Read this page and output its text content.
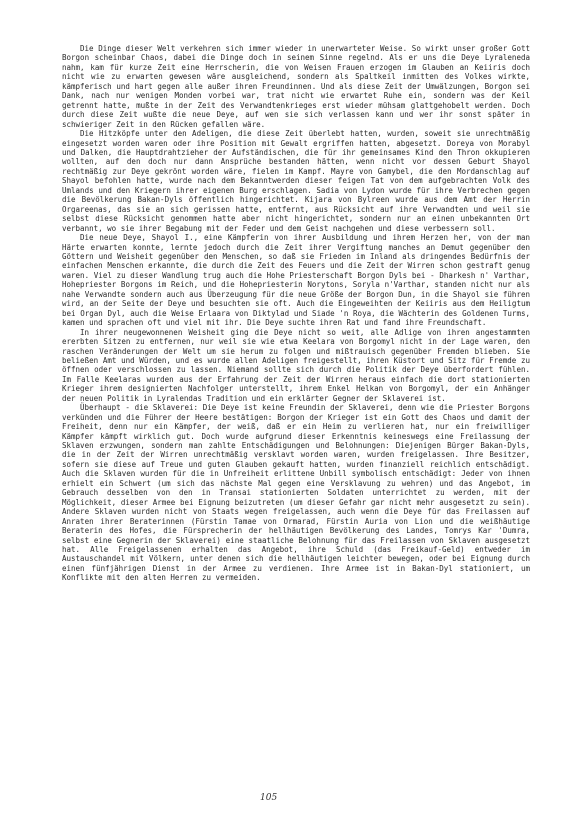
Die Dinge dieser Welt verkehren sich immer wieder in unerwarteter Weise. So wirkt unser großer Gott Borgon scheinbar Chaos, dabei die Dinge doch in seinem Sinne regelnd. Als er uns die Deye Lyraleneda nahm, kam für kurze Zeit eine Herrscherin, die von Weisen Frauen erzogen im Glauben an Keiiris doch nicht wie zu erwarten gewesen wäre ausgleichend, sondern als Spaltkeil inmitten des Volkes wirkte, kämpferisch und hart gegen alle außer ihren Freundinnen. Und als diese Zeit der Umwälzungen, Borgon sei Dank, nach nur wenigen Monden vorbei war, trat nicht wie erwartet Ruhe ein, sondern was der Keil getrennt hatte, mußte in der Zeit des Verwandtenkrieges erst wieder mühsam glattgehobelt werden. Doch durch diese Zeit wußte die neue Deye, auf wen sie sich verlassen kann und wer ihr sonst später in schwieriger Zeit in den Rücken gefallen wäre.

Die Hitzköpfe unter den Adeligen, die diese Zeit überlebt hatten, wurden, soweit sie unrechtmäßig eingesetzt worden waren oder ihre Position mit Gewalt ergriffen hatten, abgesetzt. Doreya von Morabyl und Dalken, die Hauptdrahtzieher der Aufständischen, die für ihr gemeinsames Kind den Thron okkupieren wollten, auf den doch nur dann Ansprüche bestanden hätten, wenn nicht vor dessen Geburt Shayol rechtmäßig zur Deye gekrönt worden wäre, fielen im Kampf. Mayre von Gamybel, die den Mordanschlag auf Shayol befohlen hatte, wurde nach dem Bekanntwerden dieser feigen Tat von dem aufgebrachten Volk des Umlands und den Kriegern ihrer eigenen Burg erschlagen. Sadia von Lydon wurde für ihre Verbrechen gegen die Bevölkerung Bakan-Dyls öffentlich hingerichtet. Kijara von Bylreen wurde aus dem Amt der Herrin Orgareenas, das sie an sich gerissen hatte, entfernt, aus Rücksicht auf ihre Verwandten und weil sie selbst diese Rücksicht genommen hatte aber nicht hingerichtet, sondern nur an einen unbekannten Ort verbannt, wo sie ihrer Begabung mit der Feder und dem Geist nachgehen und diese verbessern soll.

Die neue Deye, Shayol I., eine Kämpferin von ihrer Ausbildung und ihrem Herzen her, von der man Härte erwarten konnte, lernte jedoch durch die Zeit ihrer Vergiftung manches an Demut gegenüber den Göttern und Weisheit gegenüber den Menschen, so daß sie Frieden im Inland als dringendes Bedürfnis der einfachen Menschen erkannte, die durch die Zeit des Feuers und die Zeit der Wirren schon gestraft genug waren. Viel zu dieser Wandlung trug auch die Hohe Priesterschaft Borgon Dyls bei - Dharkesh n' Varthar, Hohepriester Borgons im Reich, und die Hohepriesterin Norytons, Soryla n'Varthar, standen nicht nur als nahe Verwandte sondern auch aus Überzeugung für die neue Größe der Borgon Dun, in die Shayol sie führen wird, an der Seite der Deye und besuchten sie oft. Auch die Eingeweihten der Keiiris aus dem Heiligtum bei Organ Dyl, auch die Weise Erlaara von Diktylad und Siade 'n Roya, die Wächterin des Goldenen Turms, kamen und sprachen oft und viel mit ihr. Die Deye suchte ihren Rat und fand ihre Freundschaft.

In ihrer neugewonnenen Weisheit ging die Deye nicht so weit, alle Adlige von ihren angestammten ererbten Sitzen zu entfernen, nur weil sie wie etwa Keelara von Borgomyl nicht in der Lage waren, den raschen Veränderungen der Welt um sie herum zu folgen und mißtrauisch gegenüber Fremden blieben. Sie beließen Amt und Würden, und es wurde allen Adeligen freigestellt, ihren Küstort und Sitz für Fremde zu öffnen oder verschlossen zu lassen. Niemand sollte sich durch die Politik der Deye überfordert fühlen. Im Falle Keelaras wurden aus der Erfahrung der Zeit der Wirren heraus einfach die dort stationierten Krieger ihrem designierten Nachfolger unterstellt, ihrem Enkel Helkan von Borgomyl, der ein Anhänger der neuen Politik in Lyralendas Tradition und ein erklärter Gegner der Sklaverei ist.

Überhaupt - die Sklaverei: Die Deye ist keine Freundin der Sklaverei, denn wie die Priester Borgons verkünden und die Führer der Heere bestätigen: Borgon der Krieger ist ein Gott des Chaos und damit der Freiheit, denn nur ein Kämpfer, der weiß, daß er ein Heim zu verlieren hat, nur ein freiwilliger Kämpfer kämpft wirklich gut. Doch wurde aufgrund dieser Erkenntnis keineswegs eine Freilassung der Sklaven erzwungen, sondern man zahlte Entschädigungen und Belohnungen: Diejenigen Bürger Bakan-Dyls, die in der Zeit der Wirren unrechtmäßig versklavt worden waren, wurden freigelassen. Ihre Besitzer, sofern sie diese auf Treue und guten Glauben gekauft hatten, wurden finanziell reichlich entschädigt. Auch die Sklaven wurden für die in Unfreiheit erlittene Unbill symbolisch entschädigt: Jeder von ihnen erhielt ein Schwert (um sich das nächste Mal gegen eine Versklavung zu wehren) und das Angebot, im Gebrauch desselben von den in Transai stationierten Soldaten unterrichtet zu werden, mit der Möglichkeit, dieser Armee bei Eignung beizutreten (um dieser Gefahr gar nicht mehr ausgesetzt zu sein). Andere Sklaven wurden nicht von Staats wegen freigelassen, auch wenn die Deye für das Freilassen auf Anraten ihrer Beraterinnen (Fürstin Tamae von Ormarad, Fürstin Auria von Lion und die weißhäutige Beraterin des Hofes, die Fürsprecherin der hellhäutigen Bevölkerung des Landes, Tomrys Kar 'Dumra, selbst eine Gegnerin der Sklaverei) eine staatliche Belohnung für das Freilassen von Sklaven ausgesetzt hat. Alle Freigelassenen erhalten das Angebot, ihre Schuld (das Freikauf-Geld) entweder im Austauschandel mit Völkern, unter denen sich die hellhäutigen leichter bewegen, oder bei Eignung durch einen fünfjährigen Dienst in der Armee zu verdienen. Ihre Armee ist in Bakan-Dyl stationiert, um Konflikte mit den alten Herren zu vermeiden.

105
